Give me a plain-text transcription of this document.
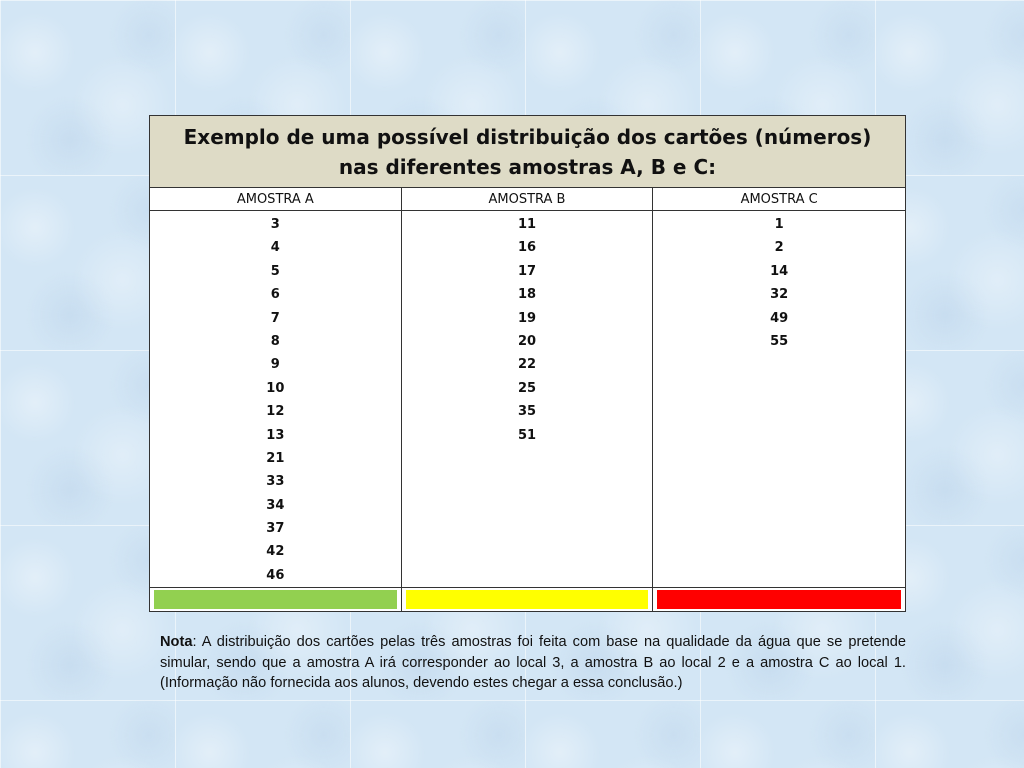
Exemplo de uma possível distribuição dos cartões (números)
nas diferentes amostras A, B e C:
AMOSTRA A
3
4
5
6
7
8
9
10
12
13
21
33
34
37
42
46
AMOSTRA B
11
16
17
18
19
20
22
25
35
51
AMOSTRA C
1
2
14
32
49
55
Nota: A distribuição dos cartões pelas três amostras foi feita com base na qualidade da água que se pretende simular, sendo que a amostra A irá corresponder ao local 3, a amostra B ao local 2 e a amostra C ao local 1. (Informação não fornecida aos alunos, devendo estes chegar a essa conclusão.)
